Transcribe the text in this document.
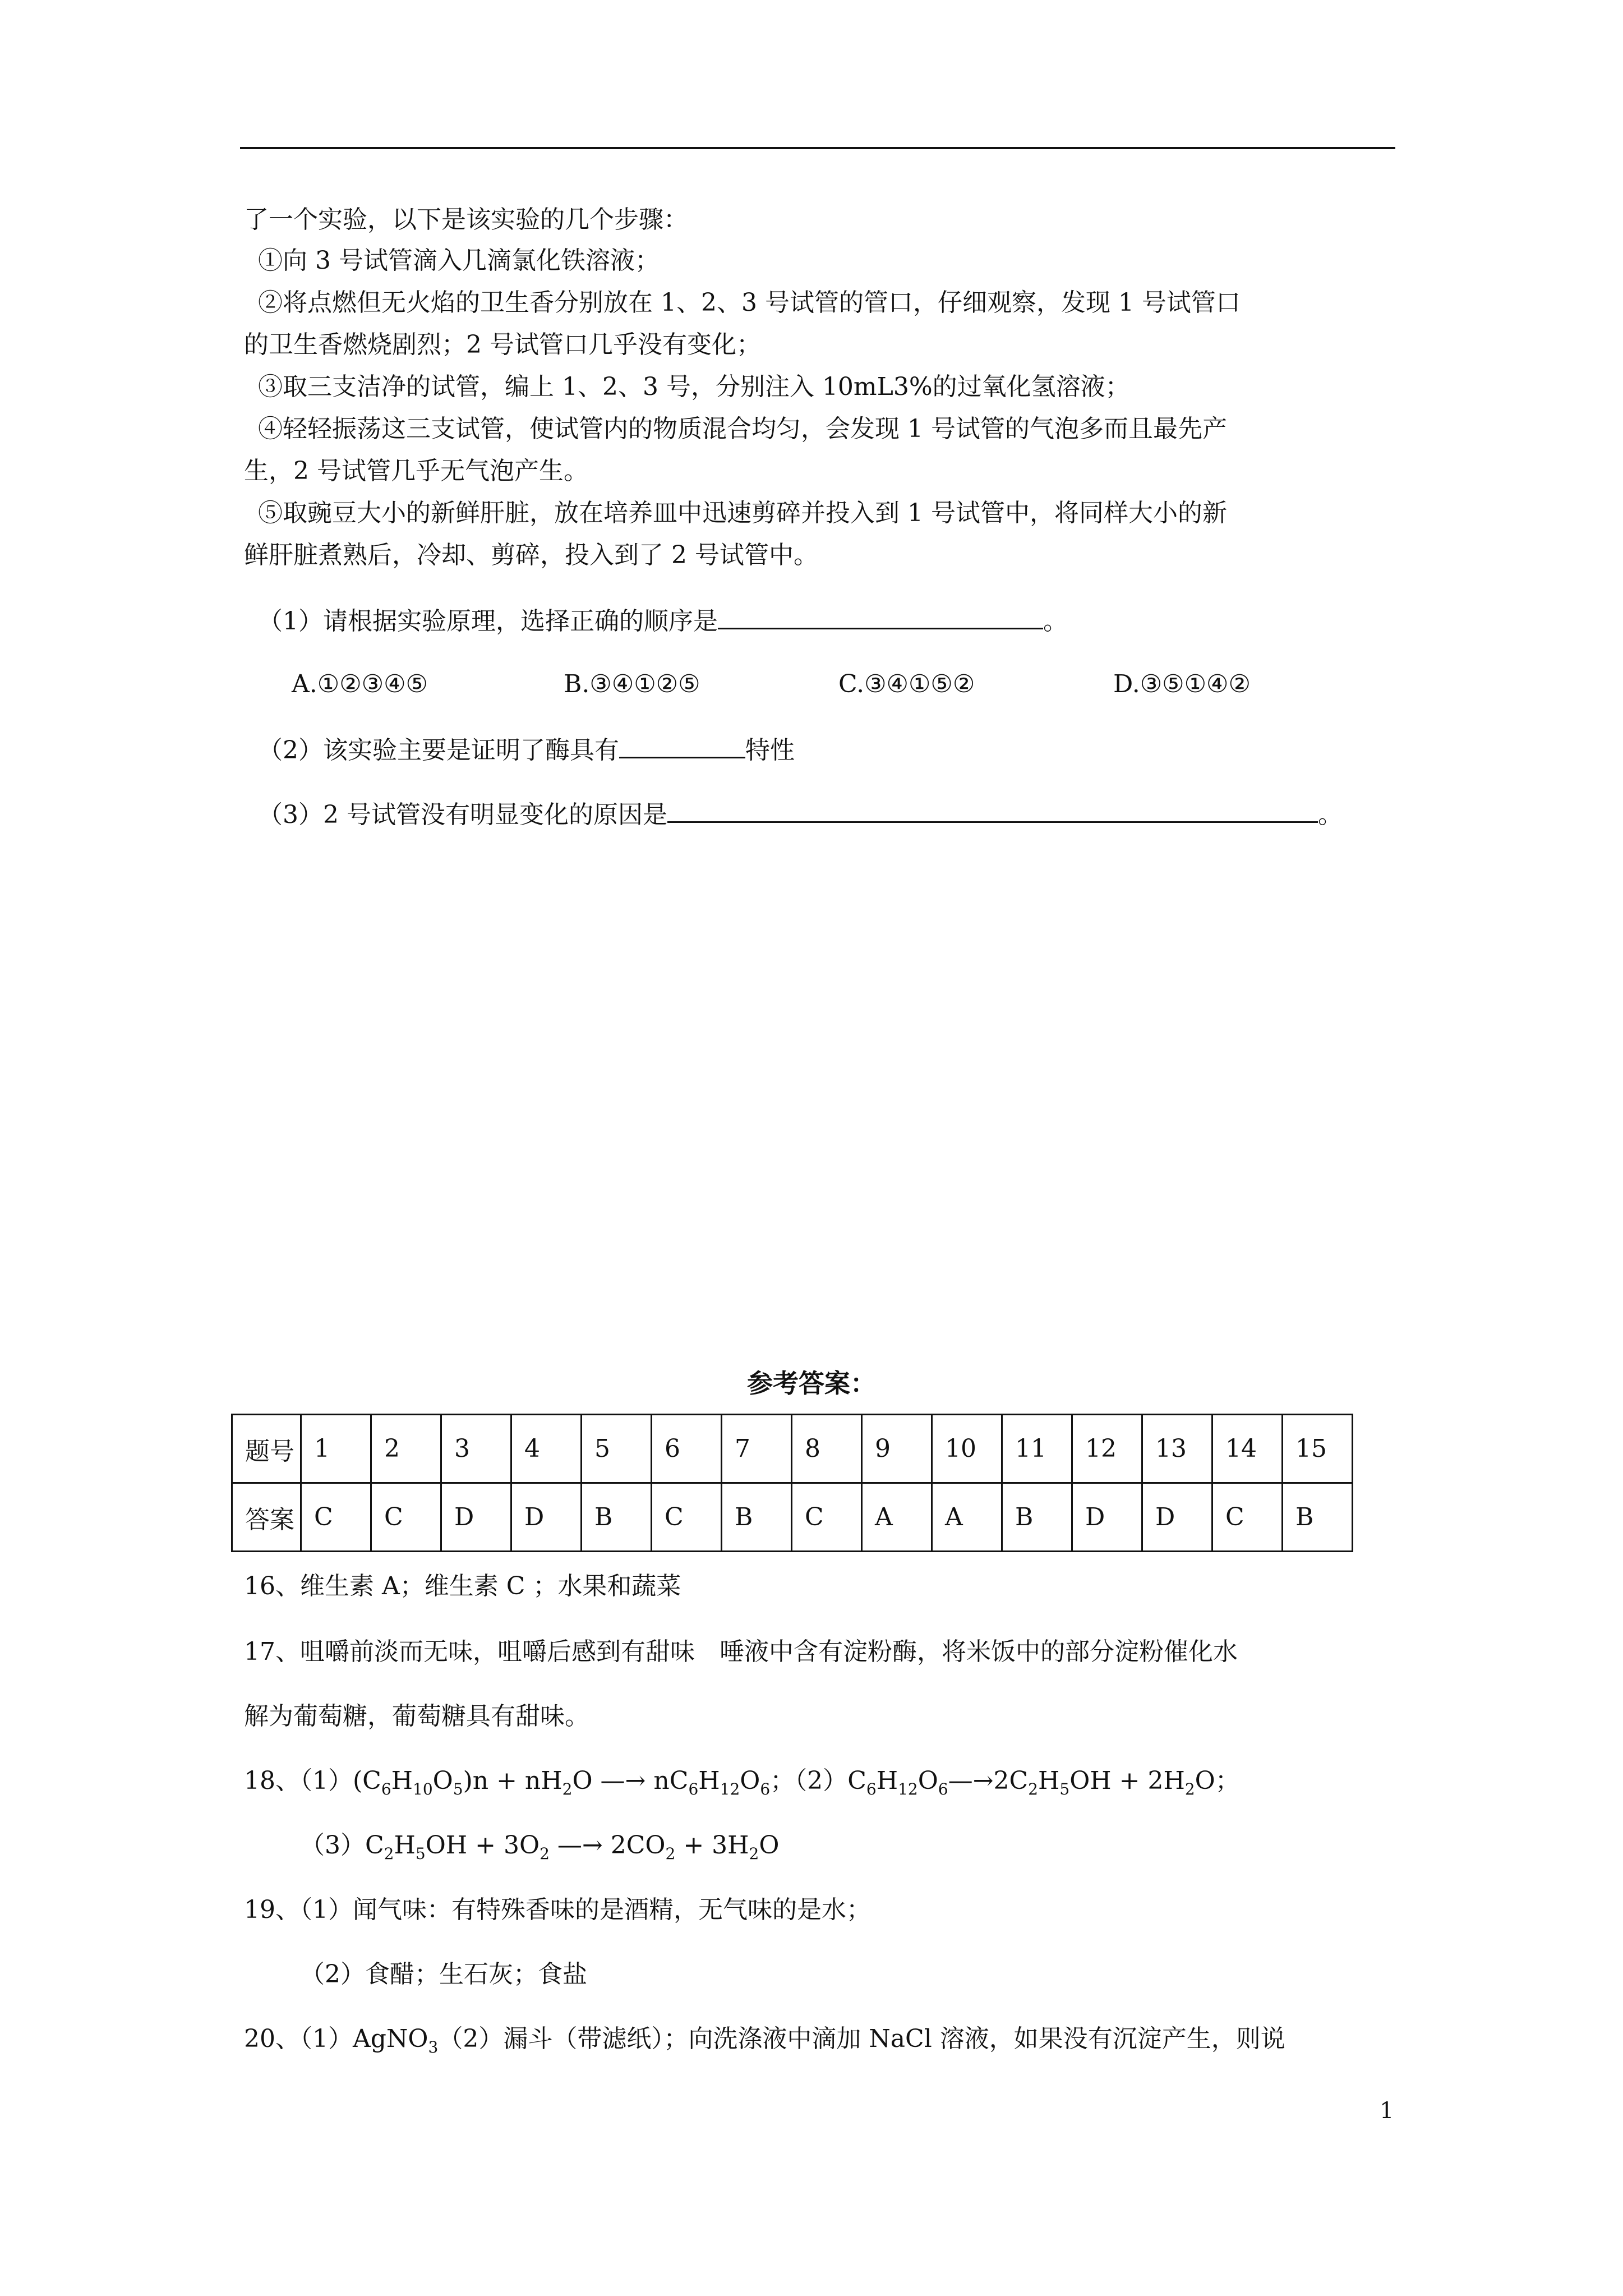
了一个实验，以下是该实验的几个步骤：
①向 3 号试管滴入几滴氯化铁溶液；
②将点燃但无火焰的卫生香分别放在 1、2、3 号试管的管口，仔细观察，发现 1 号试管口
的卫生香燃烧剧烈；2 号试管口几乎没有变化；
③取三支洁净的试管，编上 1、2、3 号，分别注入 10mL3%的过氧化氢溶液；
④轻轻振荡这三支试管，使试管内的物质混合均匀，会发现 1 号试管的气泡多而且最先产
生，2 号试管几乎无气泡产生。
⑤取豌豆大小的新鲜肝脏，放在培养皿中迅速剪碎并投入到 1 号试管中，将同样大小的新
鲜肝脏煮熟后，冷却、剪碎，投入到了 2 号试管中。
（1）请根据实验原理，选择正确的顺序是	。
A.①②③④⑤	B.③④①②⑤	C.③④①⑤②	D.③⑤①④②
（2）该实验主要是证明了酶具有	特性
（3）2 号试管没有明显变化的原因是	。
参考答案：
题号	1	2	3	4	5	6	7	8	9	10	11	12	13	14	15
答案	C	C	D	D	B	C	B	C	A	A	B	D	D	C	B
16、维生素 A；维生素 C ；水果和蔬菜
17、咀嚼前淡而无味，咀嚼后感到有甜味　唾液中含有淀粉酶，将米饭中的部分淀粉催化水
解为葡萄糖，葡萄糖具有甜味。
18、$(1)(C_6H_{10}O_5)n + nH_2O$ —→ $nC_6H_{12}O_6$；$(2)C_6H_{12}O_6—\to 2C_2H_5OH + 2H_2O$；
$(3)C_2H_5OH + 3O_2$ —→ $2CO_2 + 3H_2O$
19、（1）闻气味：有特殊香味的是酒精，无气味的是水；
（2）食醋；生石灰；食盐
20、（1）AgNO$_3$（2）漏斗（带滤纸）；向洗涤液中滴加 NaCl 溶液，如果没有沉淀产生，则说
1
